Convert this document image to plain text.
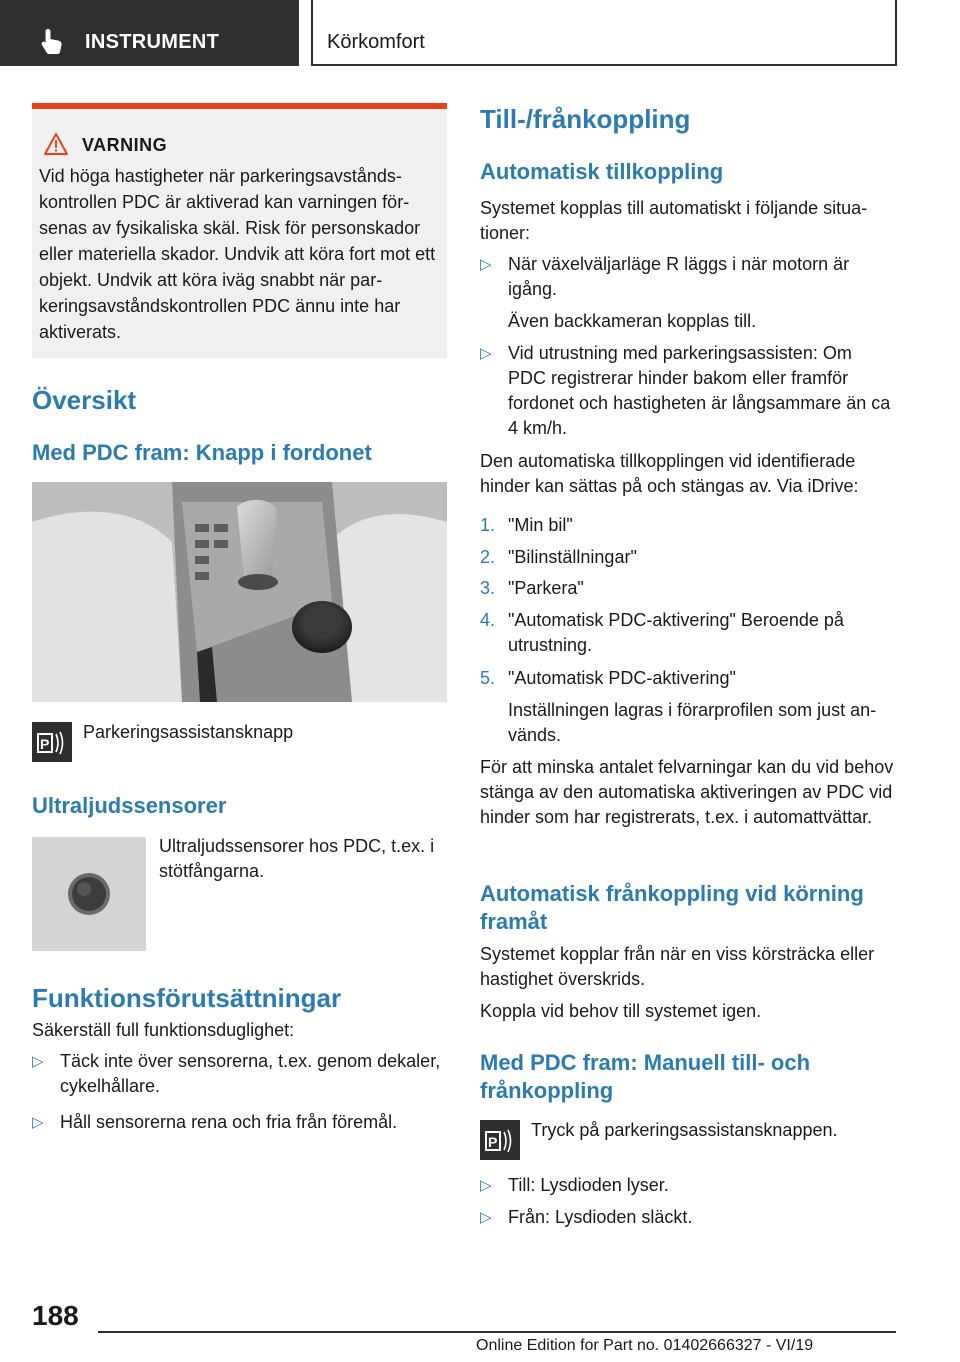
INSTRUMENT	Körkomfort
VARNING
Vid höga hastigheter när parkeringsavståndskontrollen PDC är aktiverad kan varningen försenas av fysikaliska skäl. Risk för personskador eller materiella skador. Undvik att köra fort mot ett objekt. Undvik att köra iväg snabbt när parkeringsavståndskontrollen PDC ännu inte har aktiverats.
Översikt
Med PDC fram: Knapp i fordonet
P
Parkeringsassistansknapp
Ultraljudssensorer
Ultraljudssensorer hos PDC, t.ex. i stötfångarna.
Funktionsförutsättningar
Säkerställ full funktionsduglighet:
▷ Täck inte över sensorerna, t.ex. genom dekaler, cykelhållare.
▷ Håll sensorerna rena och fria från föremål.
Till-/frånkoppling
Automatisk tillkoppling
Systemet kopplas till automatiskt i följande situationer:
▷ När växelväljarläge R läggs i när motorn är igång.
Även backkameran kopplas till.
▷ Vid utrustning med parkeringsassisten: Om PDC registrerar hinder bakom eller framför fordonet och hastigheten är långsammare än ca 4 km/h.
Den automatiska tillkopplingen vid identifierade hinder kan sättas på och stängas av. Via iDrive:
1. "Min bil"
2. "Bilinställningar"
3. "Parkera"
4. "Automatisk PDC-aktivering" Beroende på utrustning.
5. "Automatisk PDC-aktivering"
Inställningen lagras i förarprofilen som just används.
För att minska antalet felvarningar kan du vid behov stänga av den automatiska aktiveringen av PDC vid hinder som har registrerats, t.ex. i automattvättar.
Automatisk frånkoppling vid körning framåt
Systemet kopplar från när en viss körsträcka eller hastighet överskrids.
Koppla vid behov till systemet igen.
Med PDC fram: Manuell till- och frånkoppling
P
Tryck på parkeringsassistansknappen.
▷ Till: Lysdioden lyser.
▷ Från: Lysdioden släckt.
188
Online Edition for Part no. 01402666327 - VI/19
